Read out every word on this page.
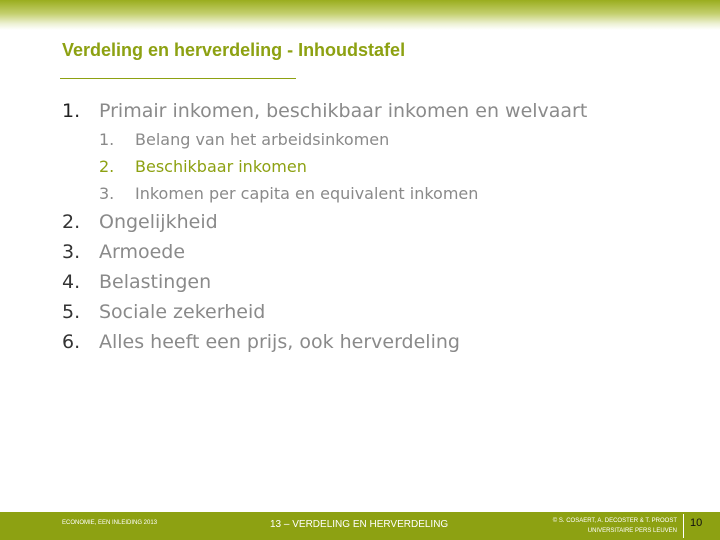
Verdeling en herverdeling - Inhoudstafel
1. Primair inkomen, beschikbaar inkomen en welvaart
1.	Belang van het arbeidsinkomen
2.	Beschikbaar inkomen
3.	Inkomen per capita en equivalent inkomen
2. Ongelijkheid
3. Armoede
4. Belastingen
5. Sociale zekerheid
6. Alles heeft een prijs, ook herverdeling
ECONOMIE, EEN INLEIDING 2013	13 – VERDELING EN HERVERDELING	© S. COSAERT, A. DECOSTER & T. PROOST
UNIVERSITAIRE PERS LEUVEN
10
